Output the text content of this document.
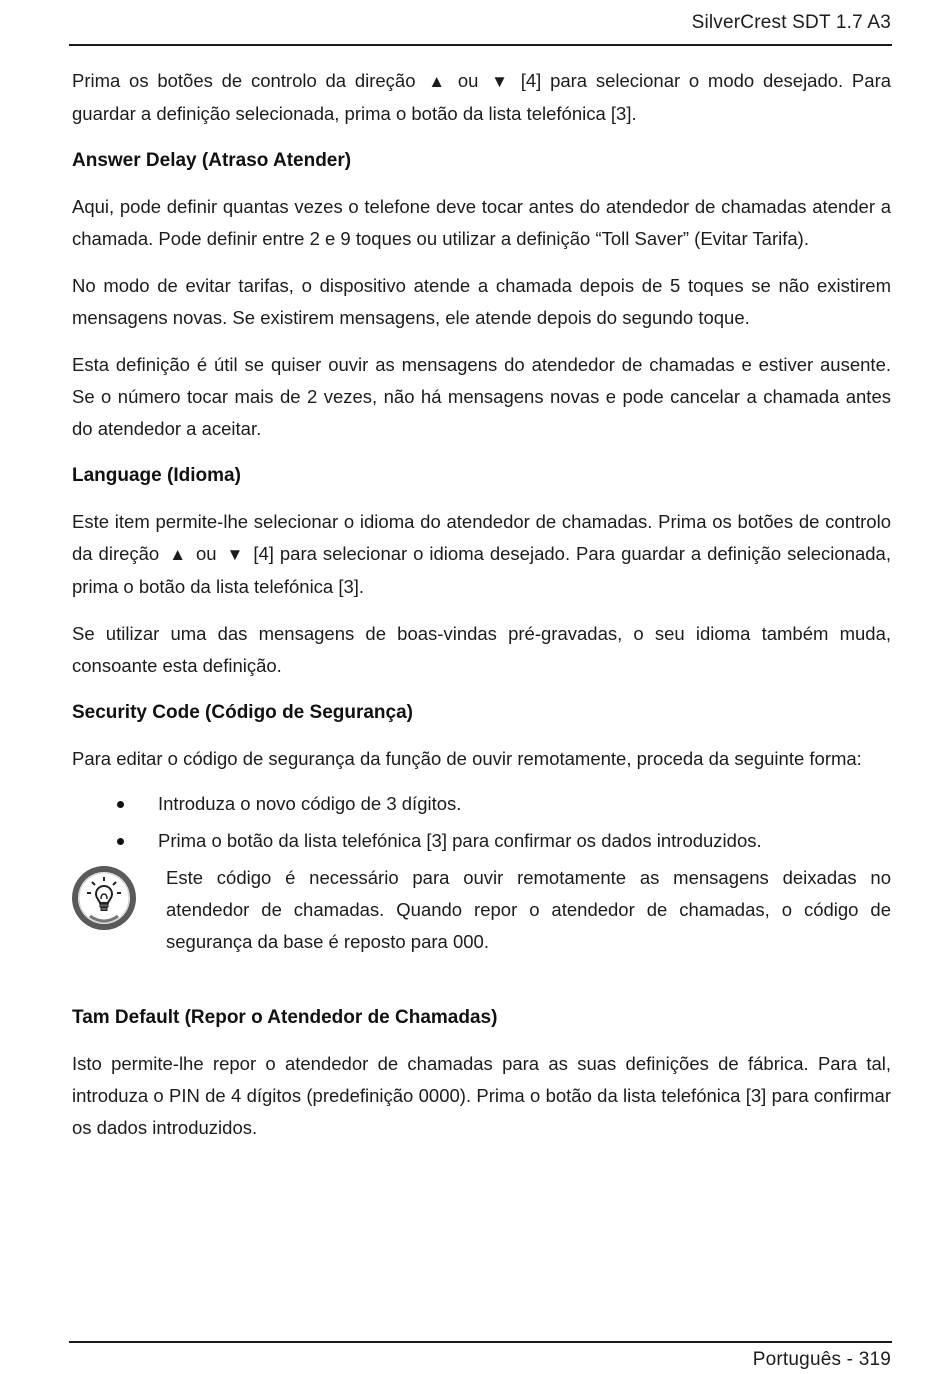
SilverCrest SDT 1.7 A3

Prima os botões de controlo da direção ▲ ou ▼ [4] para selecionar o modo desejado. Para guardar a definição selecionada, prima o botão da lista telefónica [3].

Answer Delay (Atraso Atender)

Aqui, pode definir quantas vezes o telefone deve tocar antes do atendedor de chamadas atender a chamada. Pode definir entre 2 e 9 toques ou utilizar a definição “Toll Saver” (Evitar Tarifa).

No modo de evitar tarifas, o dispositivo atende a chamada depois de 5 toques se não existirem mensagens novas. Se existirem mensagens, ele atende depois do segundo toque.

Esta definição é útil se quiser ouvir as mensagens do atendedor de chamadas e estiver ausente. Se o número tocar mais de 2 vezes, não há mensagens novas e pode cancelar a chamada antes do atendedor a aceitar.

Language (Idioma)

Este item permite-lhe selecionar o idioma do atendedor de chamadas. Prima os botões de controlo da direção ▲ ou ▼ [4] para selecionar o idioma desejado. Para guardar a definição selecionada, prima o botão da lista telefónica [3].

Se utilizar uma das mensagens de boas-vindas pré-gravadas, o seu idioma também muda, consoante esta definição.

Security Code (Código de Segurança)

Para editar o código de segurança da função de ouvir remotamente, proceda da seguinte forma:

Introduza o novo código de 3 dígitos.
Prima o botão da lista telefónica [3] para confirmar os dados introduzidos.

Este código é necessário para ouvir remotamente as mensagens deixadas no atendedor de chamadas. Quando repor o atendedor de chamadas, o código de segurança da base é reposto para 000.

Tam Default (Repor o Atendedor de Chamadas)

Isto permite-lhe repor o atendedor de chamadas para as suas definições de fábrica. Para tal, introduza o PIN de 4 dígitos (predefinição 0000). Prima o botão da lista telefónica [3] para confirmar os dados introduzidos.

Português - 319
